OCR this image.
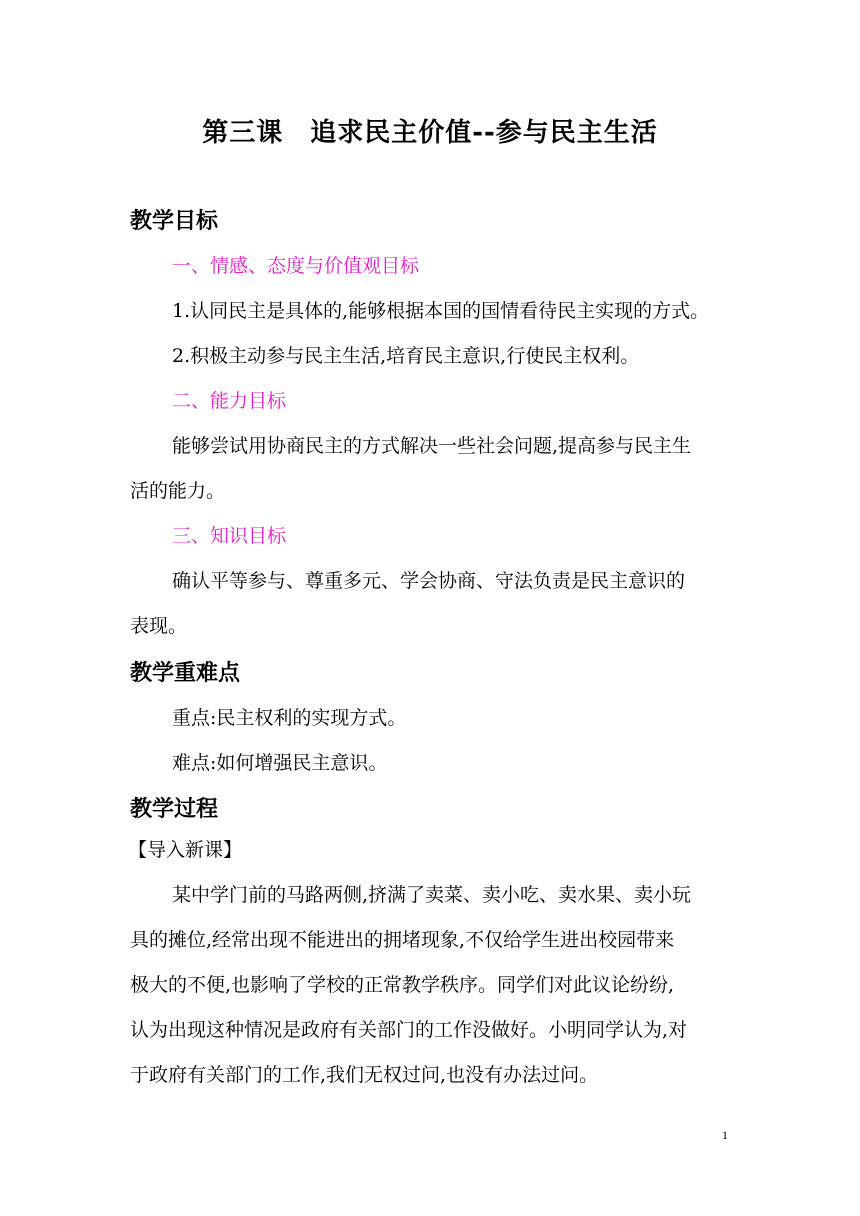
第三课　追求民主价值--参与民主生活
教学目标
一、情感、态度与价值观目标
1.认同民主是具体的,能够根据本国的国情看待民主实现的方式。
2.积极主动参与民主生活,培育民主意识,行使民主权利。
二、能力目标
能够尝试用协商民主的方式解决一些社会问题,提高参与民主生
活的能力。
三、知识目标
确认平等参与、尊重多元、学会协商、守法负责是民主意识的
表现。
教学重难点
重点:民主权利的实现方式。
难点:如何增强民主意识。
教学过程
【导入新课】
某中学门前的马路两侧,挤满了卖菜、卖小吃、卖水果、卖小玩
具的摊位,经常出现不能进出的拥堵现象,不仅给学生进出校园带来
极大的不便,也影响了学校的正常教学秩序。同学们对此议论纷纷,
认为出现这种情况是政府有关部门的工作没做好。小明同学认为,对
于政府有关部门的工作,我们无权过问,也没有办法过问。
1
